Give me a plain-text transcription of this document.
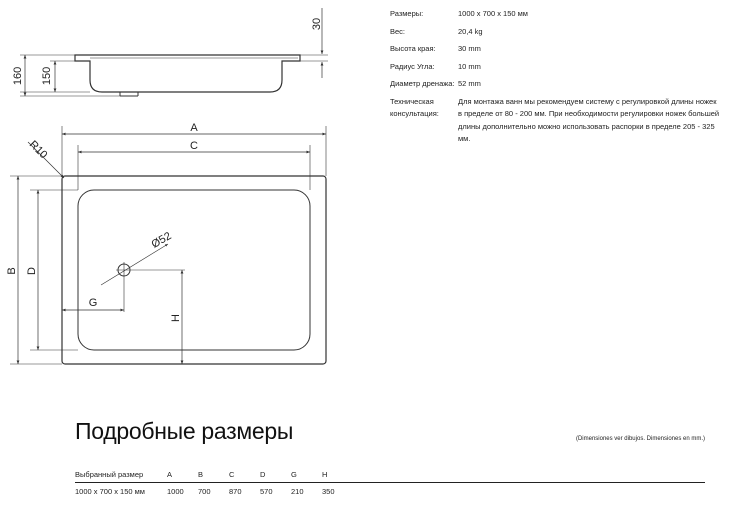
30
160 150
A
C
R10
B D
Ø52
G
H
Размеры:	1000 x 700 x 150 мм
Вес:	20,4 kg
Высота края:	30 mm
Радиус Угла:	10 mm
Диаметр дренажа: 52 mm
Техническая консультация:
Для монтажа ванн мы рекомендуем систему с регулировкой длины ножек в пределе от 80 - 200 мм. При необходимости регулировки ножек большей длины дополнительно можно использовать распорки в пределе 205 - 325 мм.
Подробные размеры	(Dimensiones ver dibujos. Dimensiones en mm.)
Выбранный размер	A	B	C	D	G	H
1000 x 700 x 150 мм	1000	700	870	570	210	350
